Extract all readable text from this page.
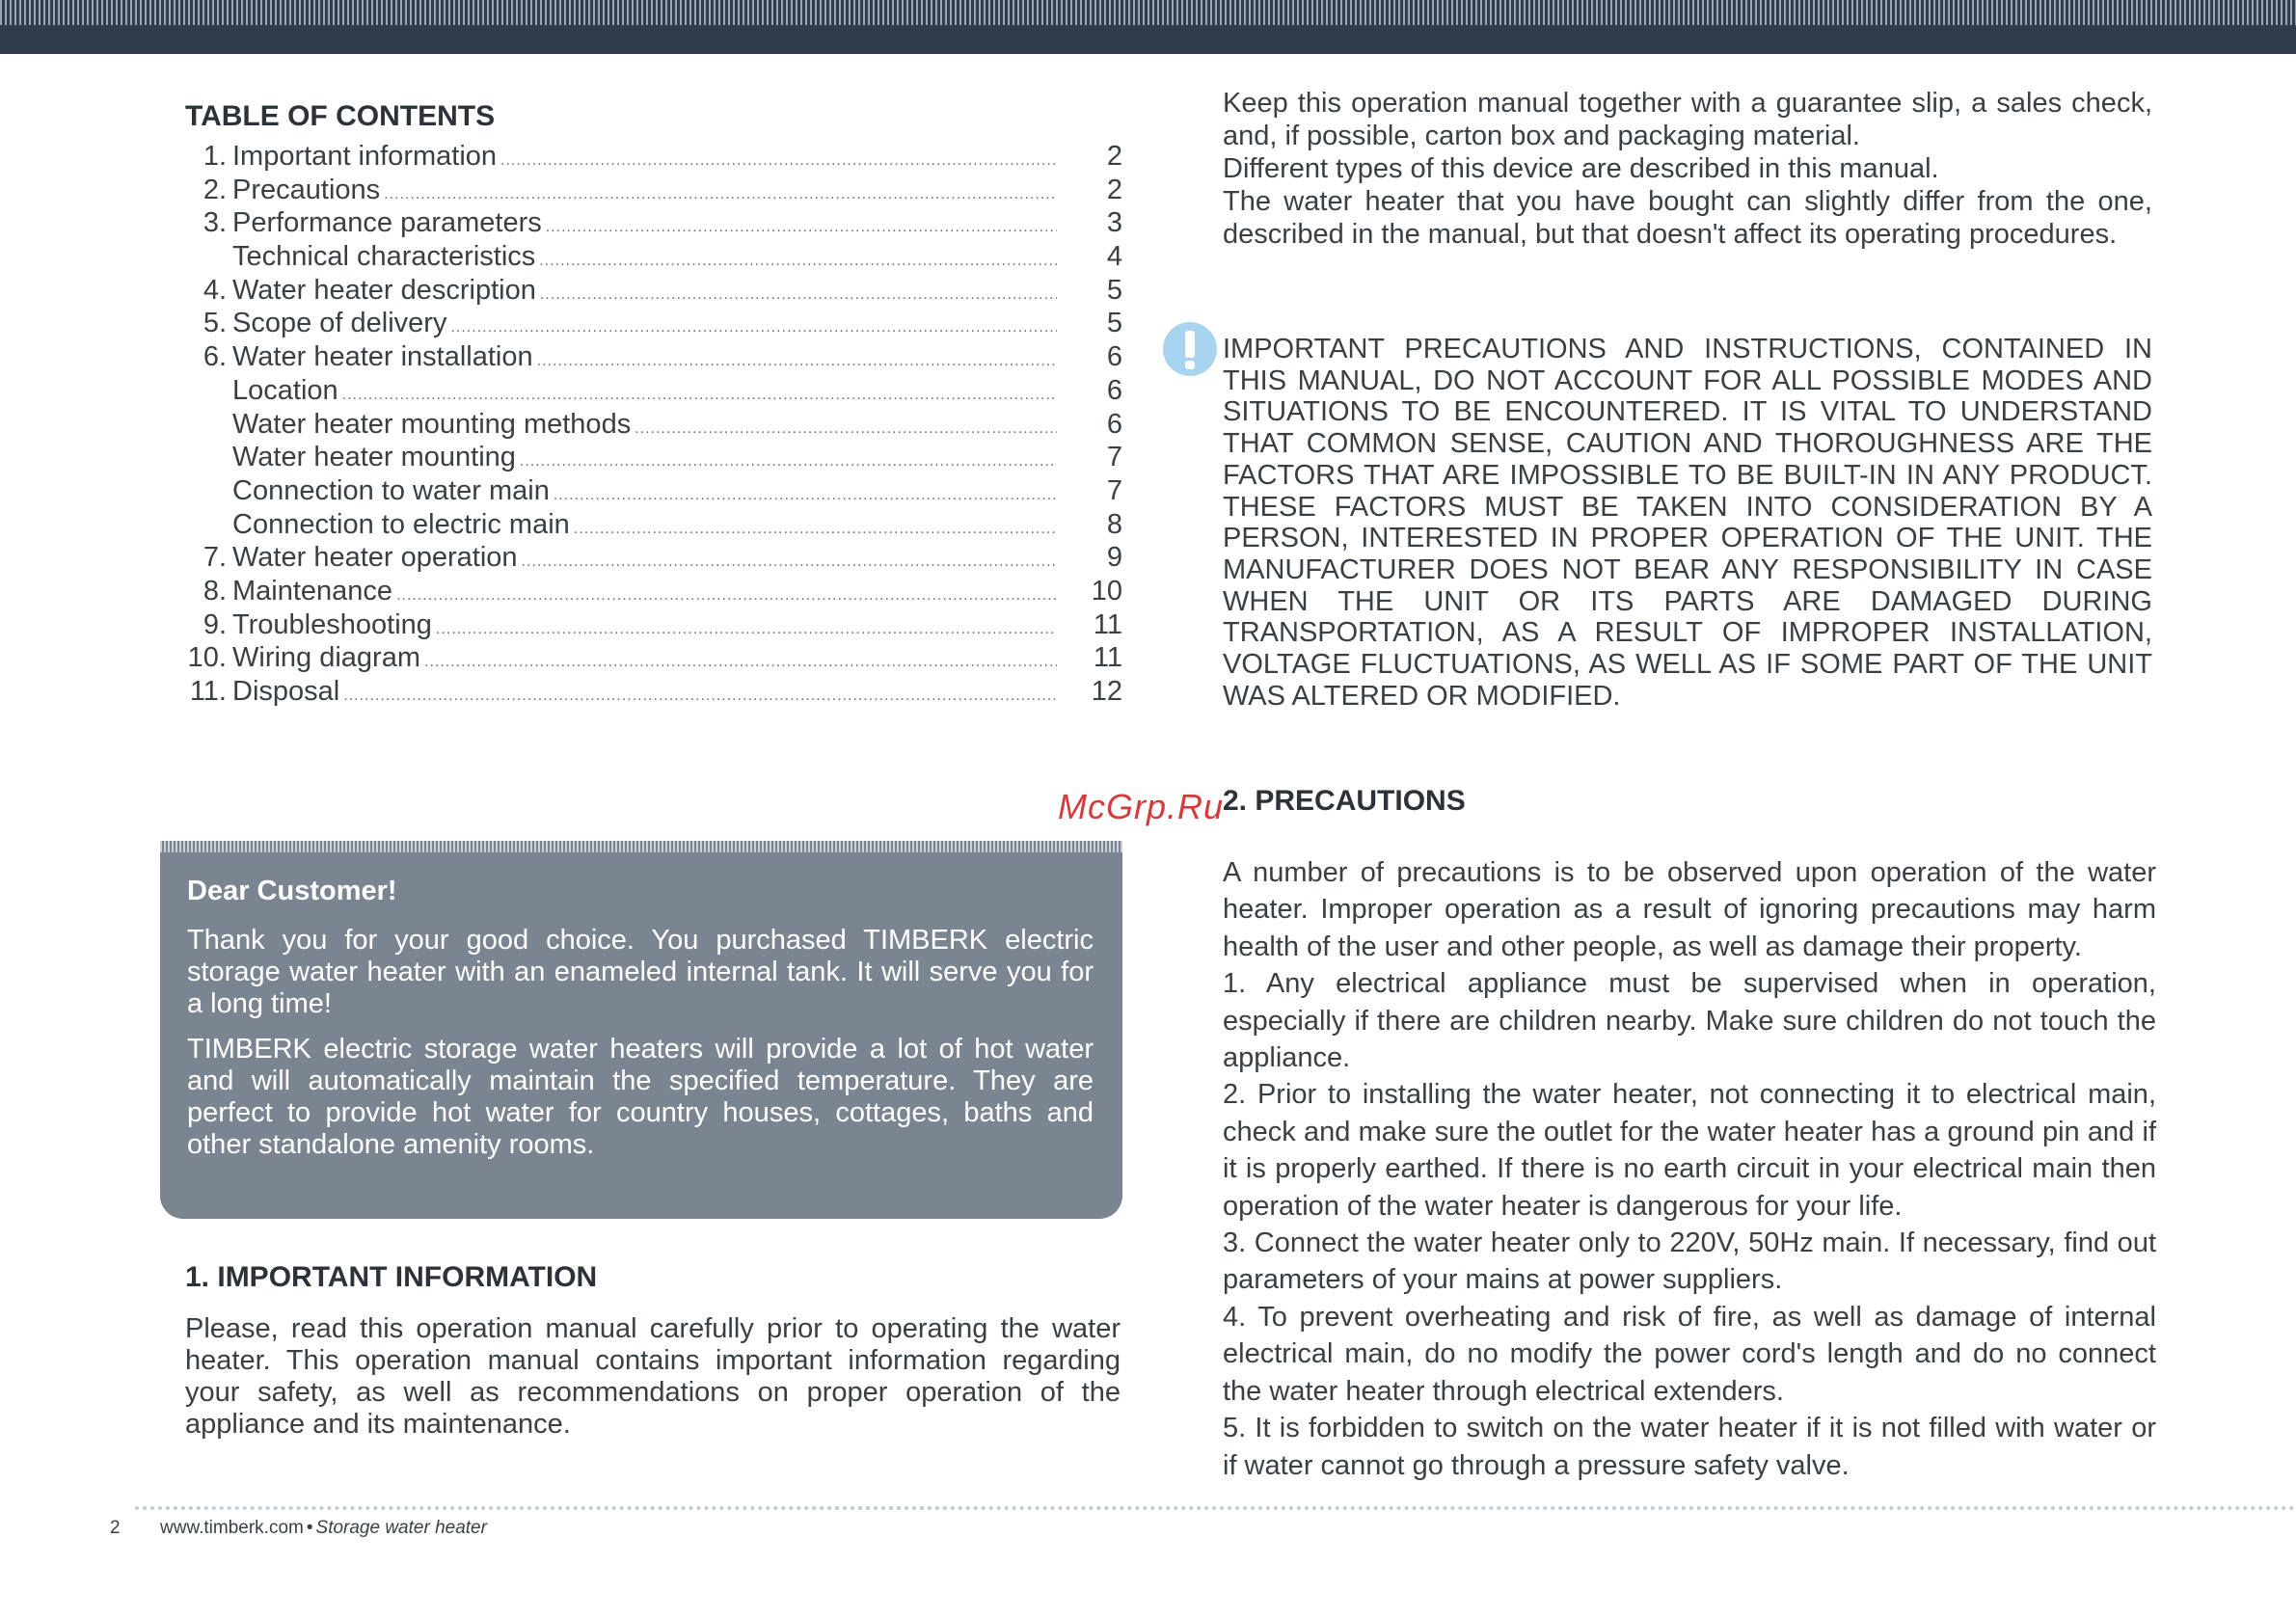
TABLE OF CONTENTS
1. Important information .....	2
2. Precautions .....	2
3. Performance parameters .....	3
Technical characteristics .....	4
4. Water heater description .....	5
5. Scope of delivery .....	5
6. Water heater installation .....	6
Location .....	6
Water heater mounting methods .....	6
Water heater mounting .....	7
Connection to water main .....	7
Connection to electric main .....	8
7. Water heater operation .....	9
8. Maintenance .....	10
9. Troubleshooting .....	11
10. Wiring diagram .....	11
11. Disposal .....	12
Dear Customer!

Thank you for your good choice. You purchased TIMBERK electric storage water heater with an enameled internal tank. It will serve you for a long time!

TIMBERK electric storage water heaters will provide a lot of hot water and will automatically maintain the specified temperature. They are perfect to provide hot water for country houses, cottages, baths and other standalone amenity rooms.

1. IMPORTANT INFORMATION

Please, read this operation manual carefully prior to operating the water heater. This operation manual contains important information regarding your safety, as well as recommendations on proper operation of the appliance and its maintenance.

Keep this operation manual together with a guarantee slip, a sales check, and, if possible, carton box and packaging material.

Different types of this device are described in this manual.

The water heater that you have bought can slightly differ from the one, described in the manual, but that doesn't affect its operating procedures.

IMPORTANT PRECAUTIONS AND INSTRUCTIONS, CONTAINED IN THIS MANUAL, DO NOT ACCOUNT FOR ALL POSSIBLE MODES AND SITUATIONS TO BE ENCOUNTERED. IT IS VITAL TO UNDERSTAND THAT COMMON SENSE, CAUTION AND THOROUGHNESS ARE THE FACTORS THAT ARE IMPOSSIBLE TO BE BUILT-IN IN ANY PRODUCT. THESE FACTORS MUST BE TAKEN INTO CONSIDERATION BY A PERSON, INTERESTED IN PROPER OPERATION OF THE UNIT. THE MANUFACTURER DOES NOT BEAR ANY RESPONSIBILITY IN CASE WHEN THE UNIT OR ITS PARTS ARE DAMAGED DURING TRANSPORTATION, AS A RESULT OF IMPROPER INSTALLATION, VOLTAGE FLUCTUATIONS, AS WELL AS IF SOME PART OF THE UNIT WAS ALTERED OR MODIFIED.
2. PRECAUTIONS

A number of precautions is to be observed upon operation of the water heater. Improper operation as a result of ignoring precautions may harm health of the user and other people, as well as damage their property.

1. Any electrical appliance must be supervised when in operation, especially if there are children nearby. Make sure children do not touch the appliance.

2. Prior to installing the water heater, not connecting it to electrical main, check and make sure the outlet for the water heater has a ground pin and if it is properly earthed. If there is no earth circuit in your electrical main then operation of the water heater is dangerous for your life.

3. Connect the water heater only to 220V, 50Hz main. If necessary, find out parameters of your mains at power suppliers.

4. To prevent overheating and risk of fire, as well as damage of internal electrical main, do no modify the power cord's length and do no connect the water heater through electrical extenders.

5. It is forbidden to switch on the water heater if it is not filled with water or if water cannot go through a pressure safety valve.

McGrp.Ru
2 www.timberk.com • Storage water heater
